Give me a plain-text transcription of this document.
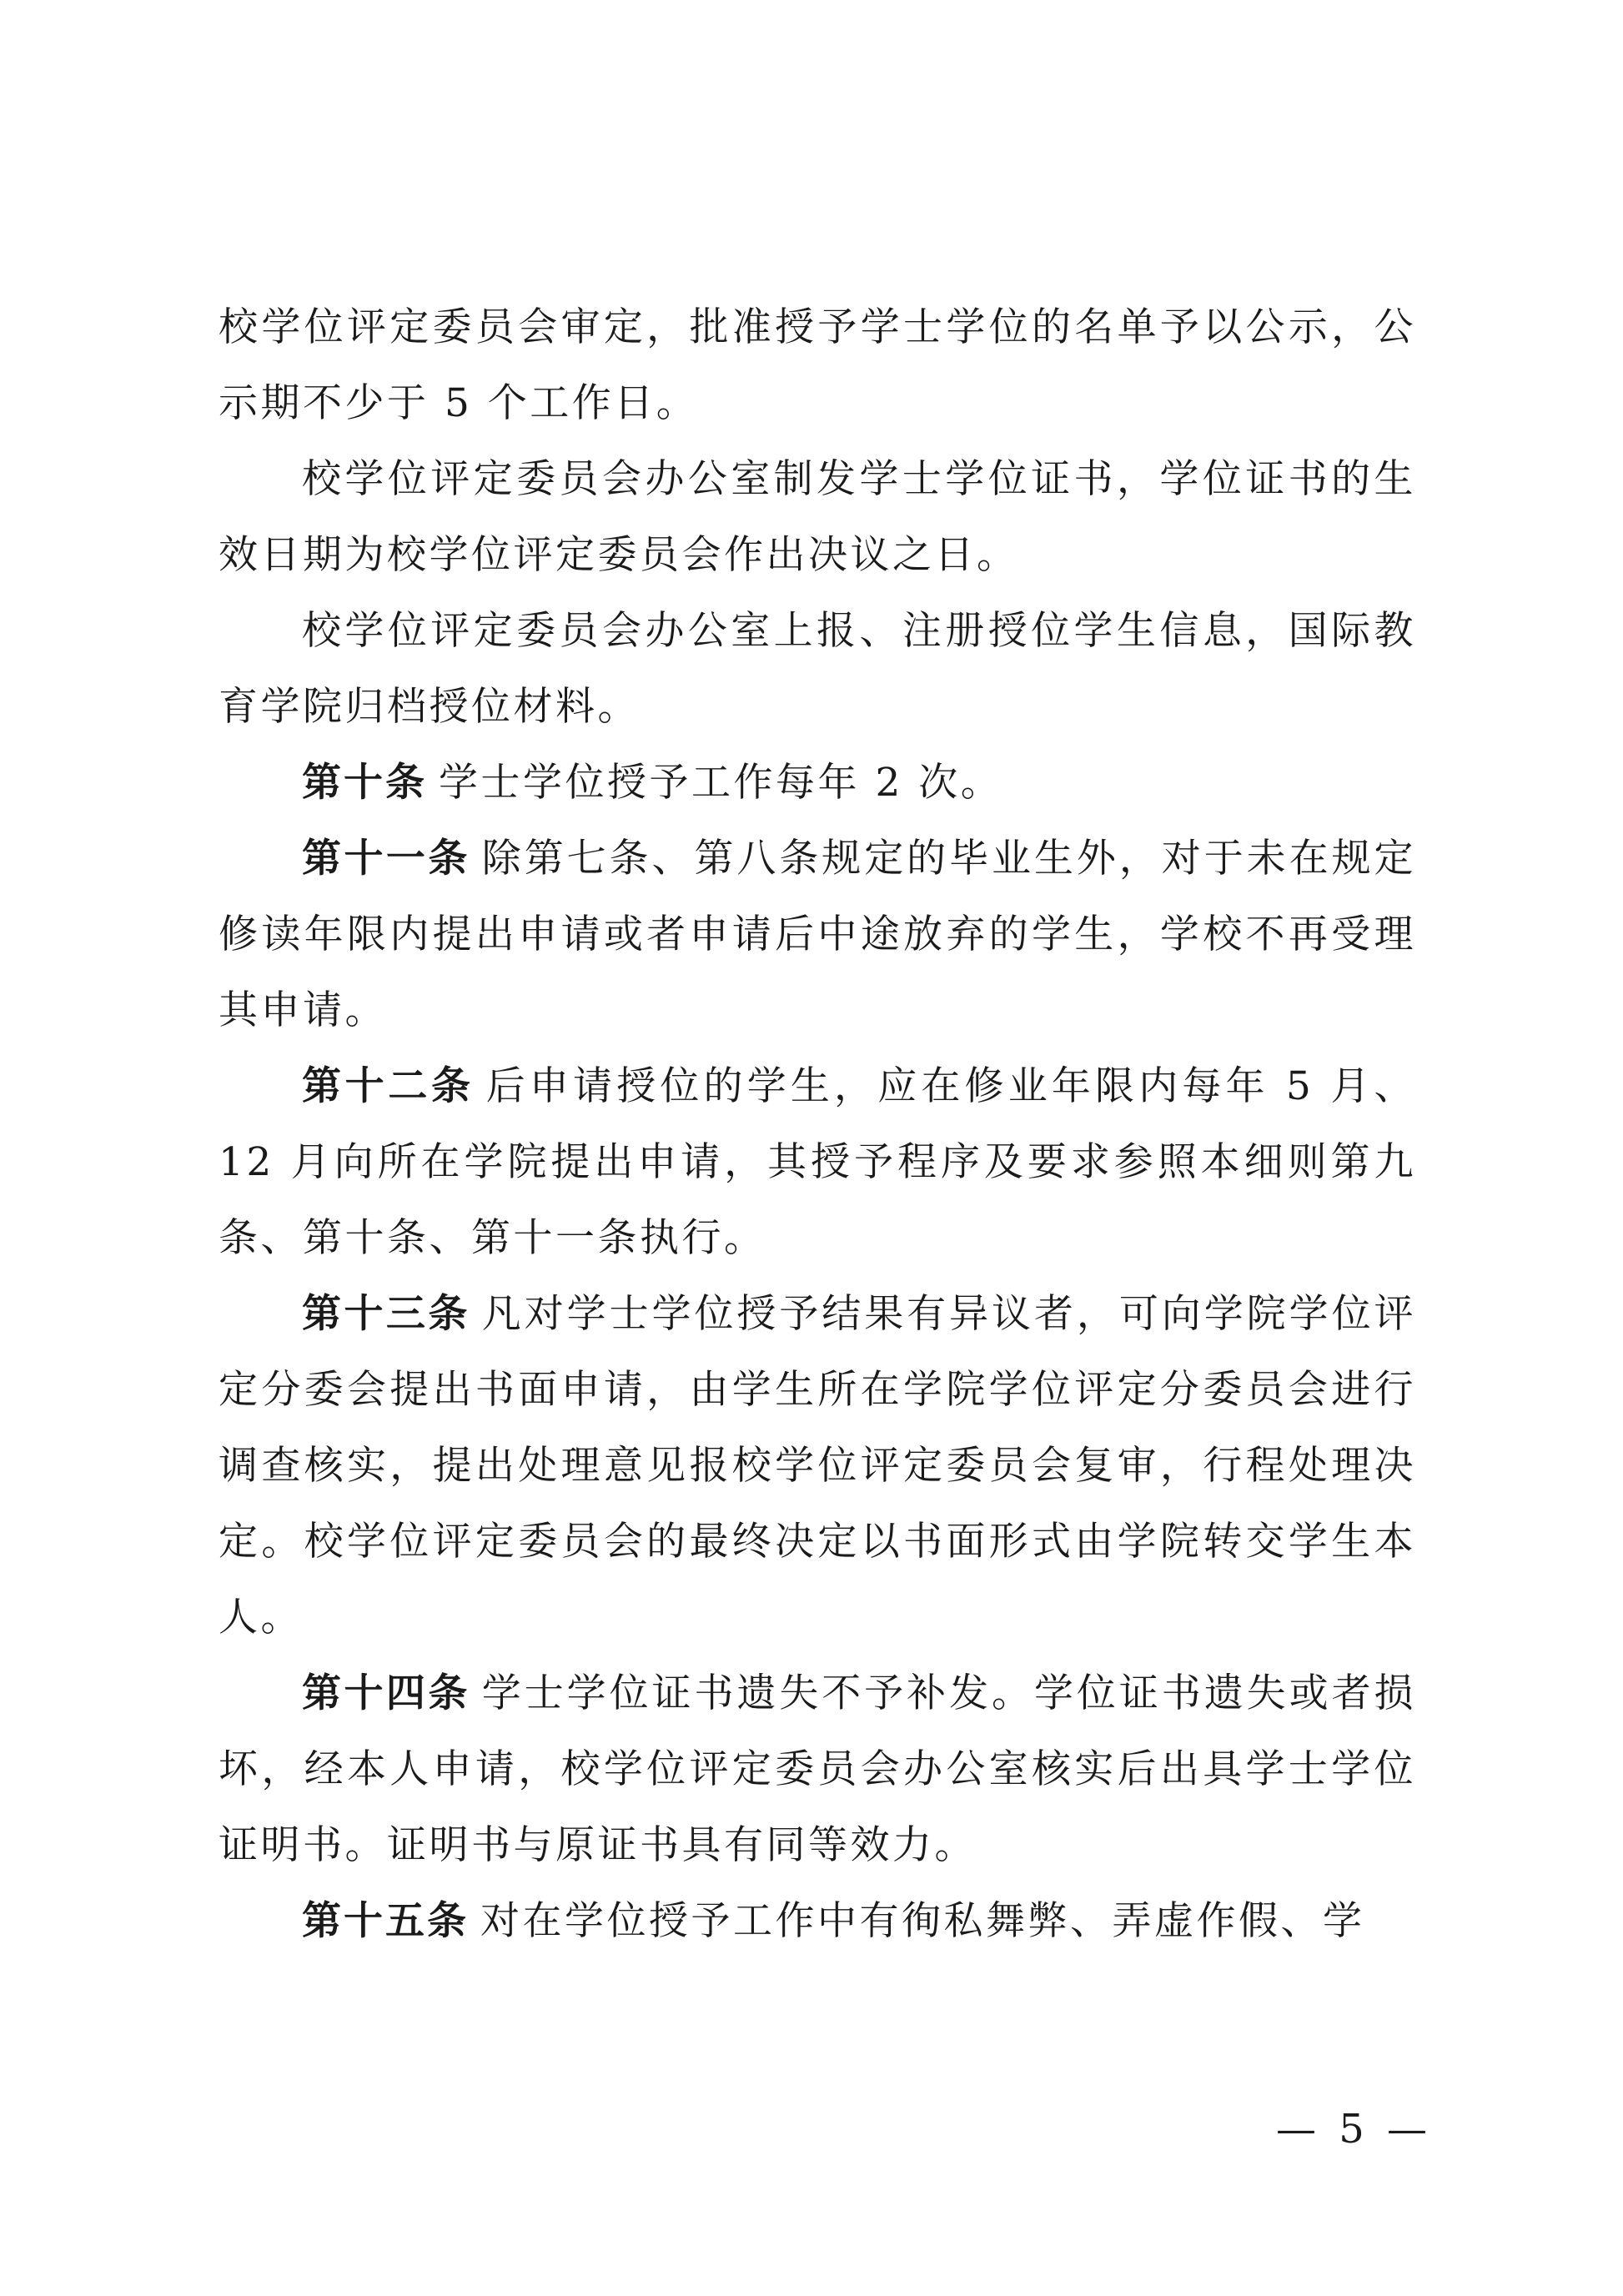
校学位评定委员会审定，批准授予学士学位的名单予以公示，公示期不少于 5 个工作日。

校学位评定委员会办公室制发学士学位证书，学位证书的生效日期为校学位评定委员会作出决议之日。

校学位评定委员会办公室上报、注册授位学生信息，国际教育学院归档授位材料。

第十条 学士学位授予工作每年 2 次。

第十一条 除第七条、第八条规定的毕业生外，对于未在规定修读年限内提出申请或者申请后中途放弃的学生，学校不再受理其申请。

第十二条 后申请授位的学生，应在修业年限内每年 5 月、12 月向所在学院提出申请，其授予程序及要求参照本细则第九条、第十条、第十一条执行。

第十三条 凡对学士学位授予结果有异议者，可向学院学位评定分委会提出书面申请，由学生所在学院学位评定分委员会进行调查核实，提出处理意见报校学位评定委员会复审，行程处理决定。校学位评定委员会的最终决定以书面形式由学院转交学生本人。

第十四条 学士学位证书遗失不予补发。学位证书遗失或者损坏，经本人申请，校学位评定委员会办公室核实后出具学士学位证明书。证明书与原证书具有同等效力。

第十五条 对在学位授予工作中有徇私舞弊、弄虚作假、学

— 5 —
